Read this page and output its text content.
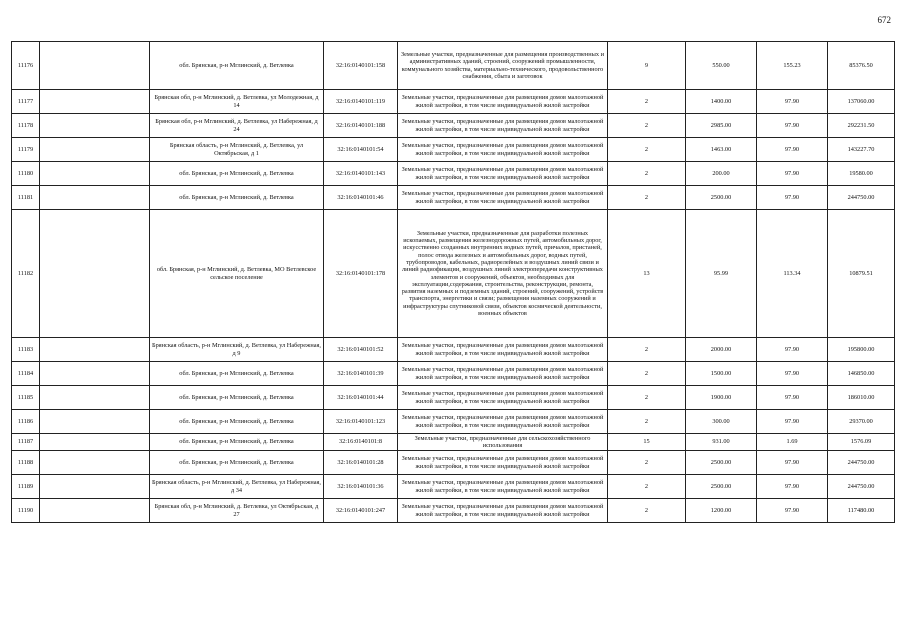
672
11176		обл. Брянская, р-н Мглинский, д. Ветлевка	32:16:0140101:158	Земельные участки, предназначенные для размещения производственных и административных зданий, строений, сооружений промышленности, коммунального хозяйства, материально-технического, продовольственного снабжения, сбыта и заготовок	9	550.00	155.23	85376.50
11177		Брянская обл, р-н Мглинский, д. Ветлевка, ул Молодежная, д 14	32:16:0140101:119	Земельные участки, предназначенные для размещения домов малоэтажной жилой застройки, в том числе индивидуальной жилой застройки	2	1400.00	97.90	137060.00
11178		Брянская обл, р-н Мглинский, д. Ветлевка, ул Набережная, д 24	32:16:0140101:188	Земельные участки, предназначенные для размещения домов малоэтажной жилой застройки, в том числе индивидуальной жилой застройки	2	2985.00	97.90	292231.50
11179		Брянская область, р-н Мглинский, д. Ветлевка, ул Октябрьская, д 1	32:16:0140101:54	Земельные участки, предназначенные для размещения домов малоэтажной жилой застройки, в том числе индивидуальной жилой застройки	2	1463.00	97.90	143227.70
11180		обл. Брянская, р-н Мглинский, д. Ветлевка	32:16:0140101:143	Земельные участки, предназначенные для размещения домов малоэтажной жилой застройки, в том числе индивидуальной жилой застройки	2	200.00	97.90	19580.00
11181		обл. Брянская, р-н Мглинский, д. Ветлевка	32:16:0140101:46	Земельные участки, предназначенные для размещения домов малоэтажной жилой застройки, в том числе индивидуальной жилой застройки	2	2500.00	97.90	244750.00
11182		обл. Брянская, р-н Мглинский, д. Ветлевка, МО Ветлевское сельское поселение	32:16:0140101:178	Земельные участки, предназначенные для разработки полезных ископаемых, размещения железнодорожных путей, автомобильных дорог, искусственно созданных внутренних водных путей, причалов, пристаней, полос отвода железных и автомобильных дорог, водных путей, трубопроводов, кабельных, радиорелейных и воздушных линий связи и линий радиофикации, воздушных линий электропередачи конструктивных элементов и сооружений, объектов, необходимых для эксплуатации,содержания, строительства, реконструкции, ремонта, развития наземных и подземных зданий, строений, сооружений, устройств транспорта, энергетики и связи; размещения наземных сооружений и инфраструктуры спутниковой связи, объектов космической деятельности, военных объектов	13	95.99	113.34	10879.51
11183		Брянская область, р-н Мглинский, д. Ветлевка, ул Набережная, д 9	32:16:0140101:52	Земельные участки, предназначенные для размещения домов малоэтажной жилой застройки, в том числе индивидуальной жилой застройки	2	2000.00	97.90	195800.00
11184		обл. Брянская, р-н Мглинский, д. Ветлевка	32:16:0140101:39	Земельные участки, предназначенные для размещения домов малоэтажной жилой застройки, в том числе индивидуальной жилой застройки	2	1500.00	97.90	146850.00
11185		обл. Брянская, р-н Мглинский, д. Ветлевка	32:16:0140101:44	Земельные участки, предназначенные для размещения домов малоэтажной жилой застройки, в том числе индивидуальной жилой застройки	2	1900.00	97.90	186010.00
11186		обл. Брянская, р-н Мглинский, д. Ветлевка	32:16:0140101:123	Земельные участки, предназначенные для размещения домов малоэтажной жилой застройки, в том числе индивидуальной жилой застройки	2	300.00	97.90	29370.00
11187		обл. Брянская, р-н Мглинский, д. Ветлевка	32:16:0140101:8	Земельные участки, предназначенные для сельскохозяйственного использования	15	931.00	1.69	1576.09
11188		обл. Брянская, р-н Мглинский, д. Ветлевка	32:16:0140101:28	Земельные участки, предназначенные для размещения домов малоэтажной жилой застройки, в том числе индивидуальной жилой застройки	2	2500.00	97.90	244750.00
11189		Брянская область, р-н Мглинский, д. Ветлевка, ул Набережная, д 34	32:16:0140101:36	Земельные участки, предназначенные для размещения домов малоэтажной жилой застройки, в том числе индивидуальной жилой застройки	2	2500.00	97.90	244750.00
11190		Брянская обл, р-н Мглинский, д. Ветлевка, ул Октябрьская, д 27	32:16:0140101:247	Земельные участки, предназначенные для размещения домов малоэтажной жилой застройки, в том числе индивидуальной жилой застройки	2	1200.00	97.90	117480.00
